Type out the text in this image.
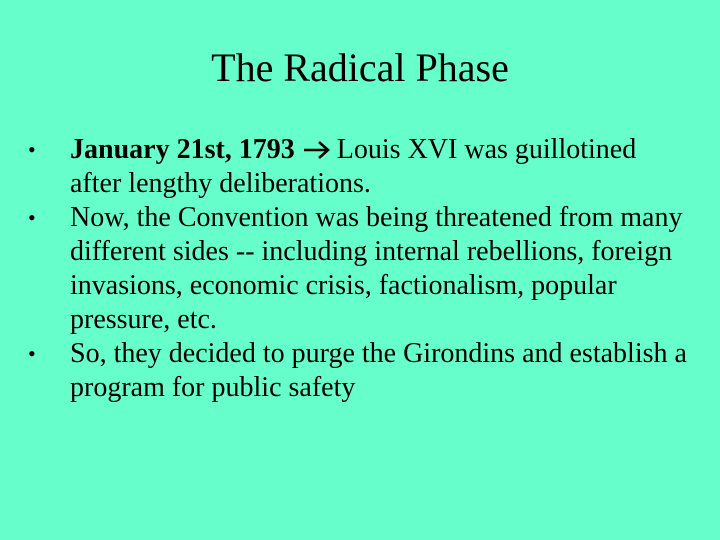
The Radical Phase
•	January 21st, 1793 Louis XVI was guillotined after lengthy deliberations.
•	Now, the Convention was being threatened from many different sides -- including internal rebellions, foreign invasions, economic crisis, factionalism, popular pressure, etc.
•	So, they decided to purge the Girondins and establish a program for public safety
